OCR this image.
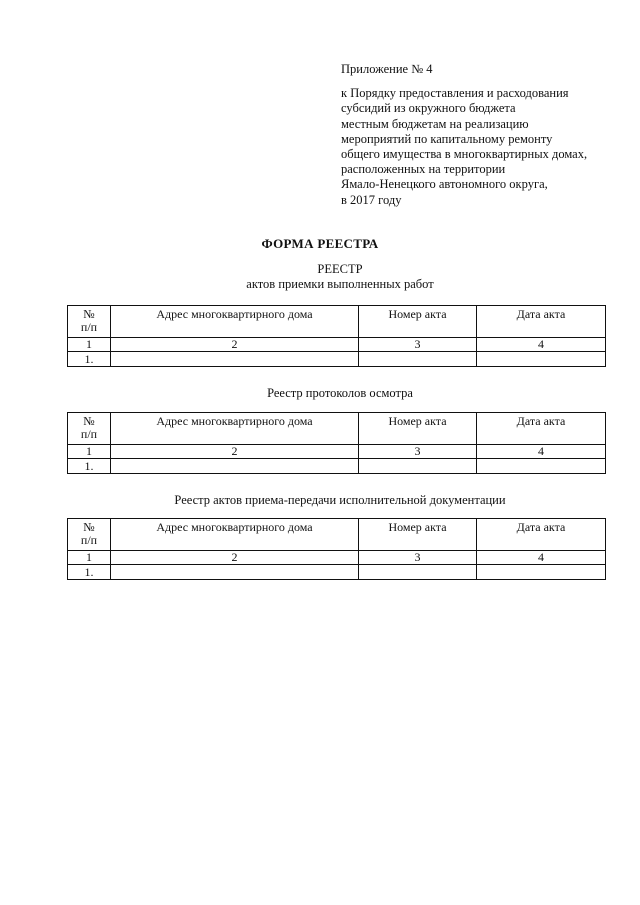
Приложение № 4
к Порядку предоставления и расходования
субсидий из окружного бюджета
местным бюджетам на реализацию
мероприятий по капитальному ремонту
общего имущества в многоквартирных домах,
расположенных на территории
Ямало-Ненецкого автономного округа,
в 2017 году
ФОРМА РЕЕСТРА
РЕЕСТР
актов приемки выполненных работ
№
п/п	Адрес многоквартирного дома	Номер акта	Дата акта
1	2	3	4
1.			
Реестр протоколов осмотра
№
п/п	Адрес многоквартирного дома	Номер акта	Дата акта
1	2	3	4
1.			
Реестр актов приема-передачи исполнительной документации
№
п/п	Адрес многоквартирного дома	Номер акта	Дата акта
1	2	3	4
1.			
